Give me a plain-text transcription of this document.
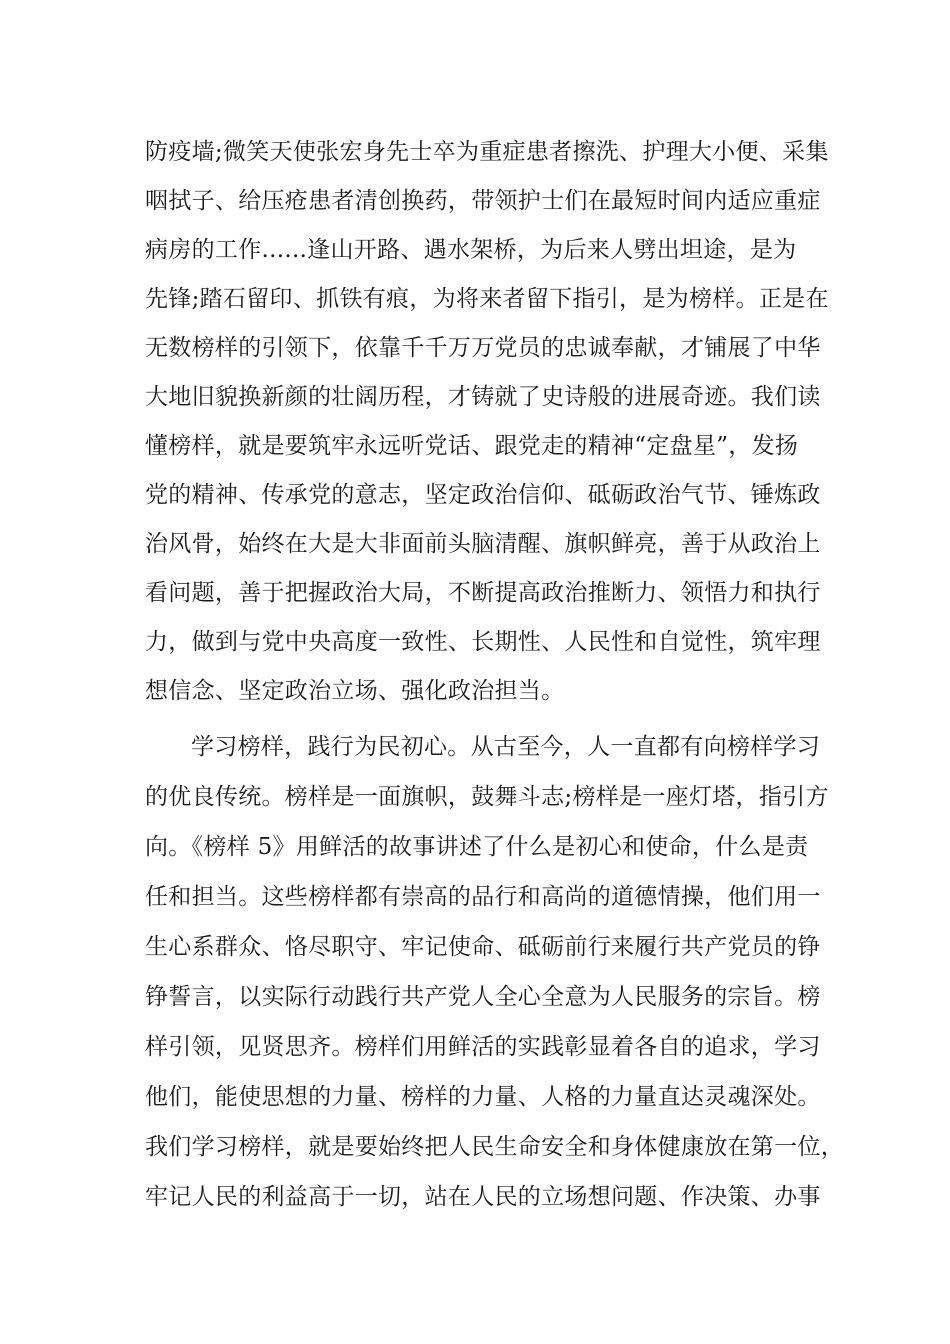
防疫墙;微笑天使张宏身先士卒为重症患者擦洗、护理大小便、采集
咽拭子、给压疮患者清创换药，带领护士们在最短时间内适应重症
病房的工作......逢山开路、遇水架桥，为后来人劈出坦途，是为
先锋;踏石留印、抓铁有痕，为将来者留下指引，是为榜样。正是在
无数榜样的引领下，依靠千千万万党员的忠诚奉献，才铺展了中华
大地旧貌换新颜的壮阔历程，才铸就了史诗般的进展奇迹。我们读
懂榜样，就是要筑牢永远听党话、跟党走的精神“定盘星”，发扬
党的精神、传承党的意志，坚定政治信仰、砥砺政治气节、锤炼政
治风骨，始终在大是大非面前头脑清醒、旗帜鲜亮，善于从政治上
看问题，善于把握政治大局，不断提高政治推断力、领悟力和执行
力，做到与党中央高度一致性、长期性、人民性和自觉性，筑牢理
想信念、坚定政治立场、强化政治担当。
学习榜样，践行为民初心。从古至今，人一直都有向榜样学习
的优良传统。榜样是一面旗帜，鼓舞斗志;榜样是一座灯塔，指引方
向。《榜样 5》用鲜活的故事讲述了什么是初心和使命，什么是责
任和担当。这些榜样都有崇高的品行和高尚的道德情操，他们用一
生心系群众、恪尽职守、牢记使命、砥砺前行来履行共产党员的铮
铮誓言，以实际行动践行共产党人全心全意为人民服务的宗旨。榜
样引领，见贤思齐。榜样们用鲜活的实践彰显着各自的追求，学习
他们，能使思想的力量、榜样的力量、人格的力量直达灵魂深处。
我们学习榜样，就是要始终把人民生命安全和身体健康放在第一位，
牢记人民的利益高于一切，站在人民的立场想问题、作决策、办事
